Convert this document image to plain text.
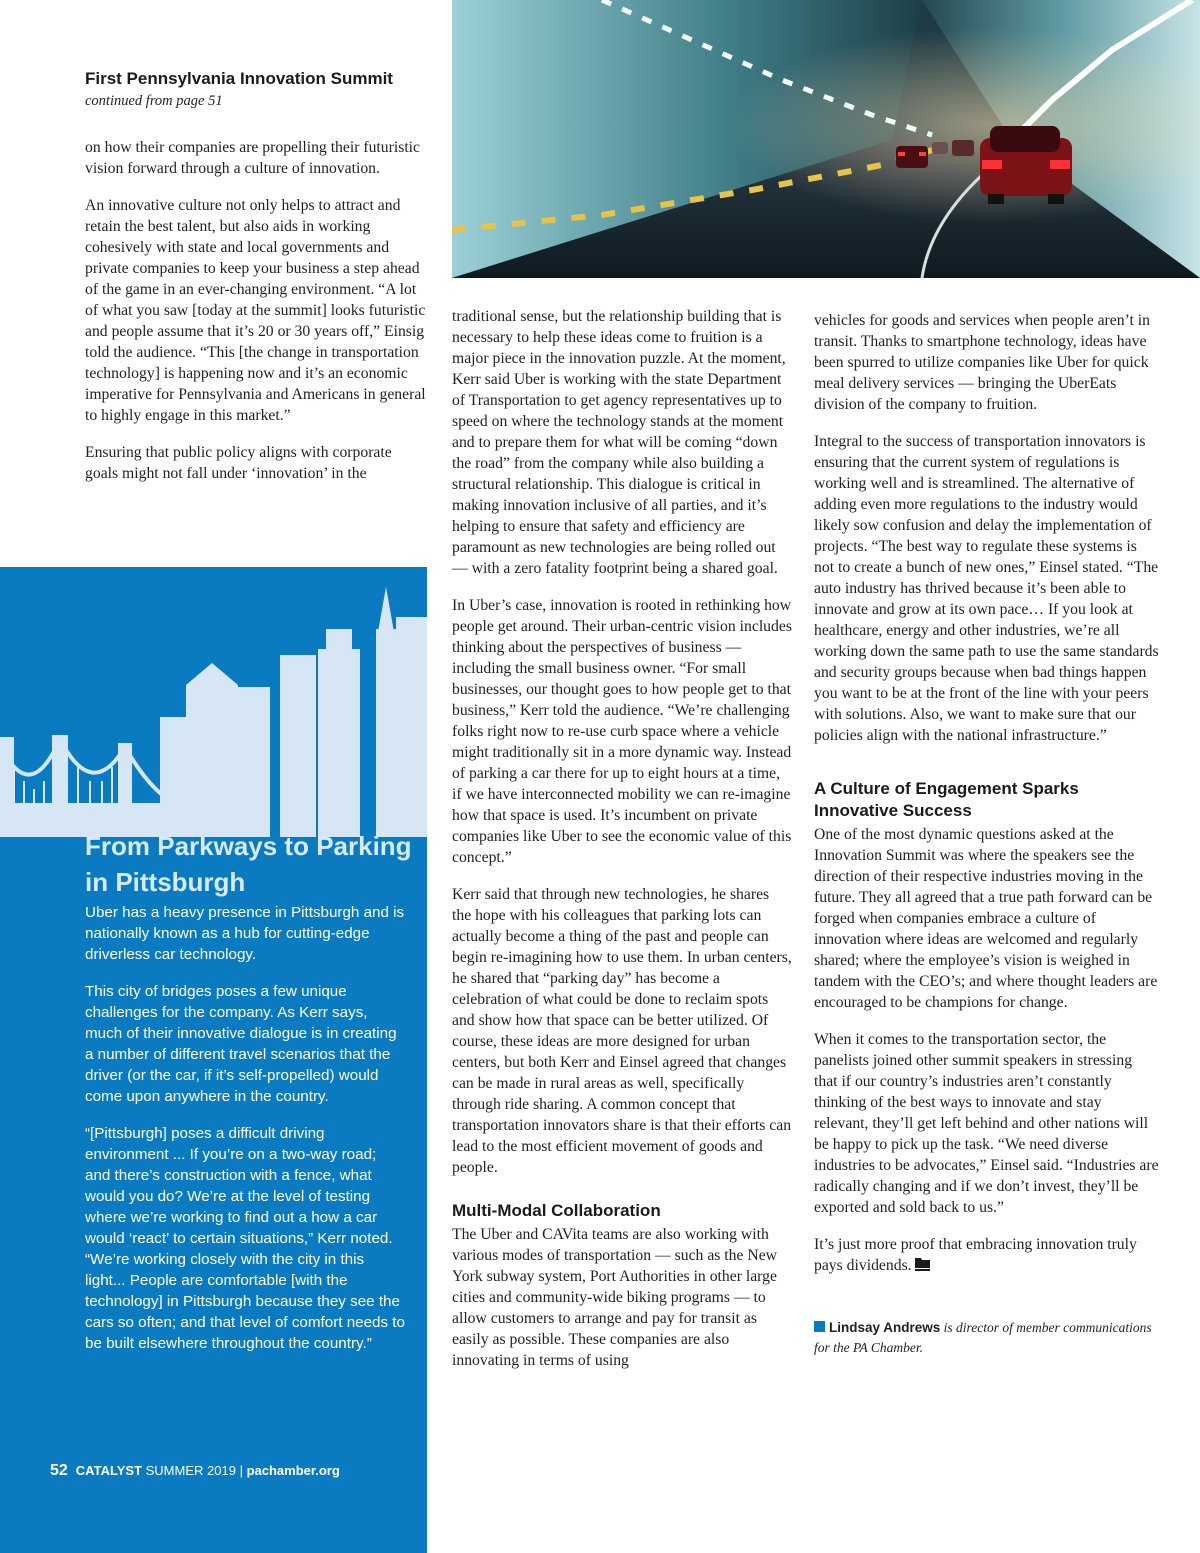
First Pennsylvania Innovation Summit
continued from page 51

on how their companies are propelling their futuristic vision forward through a culture of innovation.

An innovative culture not only helps to attract and retain the best talent, but also aids in working cohesively with state and local governments and private companies to keep your business a step ahead of the game in an ever-changing environment. “A lot of what you saw [today at the summit] looks futuristic and people assume that it’s 20 or 30 years off,” Einsig told the audience. “This [the change in transportation technology] is happening now and it’s an economic imperative for Pennsylvania and Americans in general to highly engage in this market.”

Ensuring that public policy aligns with corporate goals might not fall under ‘innovation’ in the

From Parkways to Parking in Pittsburgh

Uber has a heavy presence in Pittsburgh and is nationally known as a hub for cutting-edge driverless car technology.

This city of bridges poses a few unique challenges for the company. As Kerr says, much of their innovative dialogue is in creating a number of different travel scenarios that the driver (or the car, if it’s self-propelled) would come upon anywhere in the country.

“[Pittsburgh] poses a difficult driving environment ... If you’re on a two-way road; and there’s construction with a fence, what would you do? We’re at the level of testing where we’re working to find out a how a car would ‘react’ to certain situations,” Kerr noted. “We’re working closely with the city in this light... People are comfortable [with the technology] in Pittsburgh because they see the cars so often; and that level of comfort needs to be built elsewhere throughout the country.”

52 CATALYST SUMMER 2019 | pachamber.org

traditional sense, but the relationship building that is necessary to help these ideas come to fruition is a major piece in the innovation puzzle. At the moment, Kerr said Uber is working with the state Department of Transportation to get agency representatives up to speed on where the technology stands at the moment and to prepare them for what will be coming “down the road” from the company while also building a structural relationship. This dialogue is critical in making innovation inclusive of all parties, and it’s helping to ensure that safety and efficiency are paramount as new technologies are being rolled out — with a zero fatality footprint being a shared goal.

In Uber’s case, innovation is rooted in rethinking how people get around. Their urban-centric vision includes thinking about the perspectives of business — including the small business owner. “For small businesses, our thought goes to how people get to that business,” Kerr told the audience. “We’re challenging folks right now to re-use curb space where a vehicle might traditionally sit in a more dynamic way. Instead of parking a car there for up to eight hours at a time, if we have interconnected mobility we can re-imagine how that space is used. It’s incumbent on private companies like Uber to see the economic value of this concept.”

Kerr said that through new technologies, he shares the hope with his colleagues that parking lots can actually become a thing of the past and people can begin re-imagining how to use them. In urban centers, he shared that “parking day” has become a celebration of what could be done to reclaim spots and show how that space can be better utilized. Of course, these ideas are more designed for urban centers, but both Kerr and Einsel agreed that changes can be made in rural areas as well, specifically through ride sharing. A common concept that transportation innovators share is that their efforts can lead to the most efficient movement of goods and people.

Multi-Modal Collaboration

The Uber and CAVita teams are also working with various modes of transportation — such as the New York subway system, Port Authorities in other large cities and community-wide biking programs — to allow customers to arrange and pay for transit as easily as possible. These companies are also innovating in terms of using

vehicles for goods and services when people aren’t in transit. Thanks to smartphone technology, ideas have been spurred to utilize companies like Uber for quick meal delivery services — bringing the UberEats division of the company to fruition.

Integral to the success of transportation innovators is ensuring that the current system of regulations is working well and is streamlined. The alternative of adding even more regulations to the industry would likely sow confusion and delay the implementation of projects. “The best way to regulate these systems is not to create a bunch of new ones,” Einsel stated. “The auto industry has thrived because it’s been able to innovate and grow at its own pace… If you look at healthcare, energy and other industries, we’re all working down the same path to use the same standards and security groups because when bad things happen you want to be at the front of the line with your peers with solutions. Also, we want to make sure that our policies align with the national infrastructure.”

A Culture of Engagement Sparks Innovative Success

One of the most dynamic questions asked at the Innovation Summit was where the speakers see the direction of their respective industries moving in the future. They all agreed that a true path forward can be forged when companies embrace a culture of innovation where ideas are welcomed and regularly shared; where the employee’s vision is weighed in tandem with the CEO’s; and where thought leaders are encouraged to be champions for change.

When it comes to the transportation sector, the panelists joined other summit speakers in stressing that if our country’s industries aren’t constantly thinking of the best ways to innovate and stay relevant, they’ll get left behind and other nations will be happy to pick up the task. “We need diverse industries to be advocates,” Einsel said. “Industries are radically changing and if we don’t invest, they’ll be exported and sold back to us.”

It’s just more proof that embracing innovation truly pays dividends.

Lindsay Andrews is director of member communications for the PA Chamber.
